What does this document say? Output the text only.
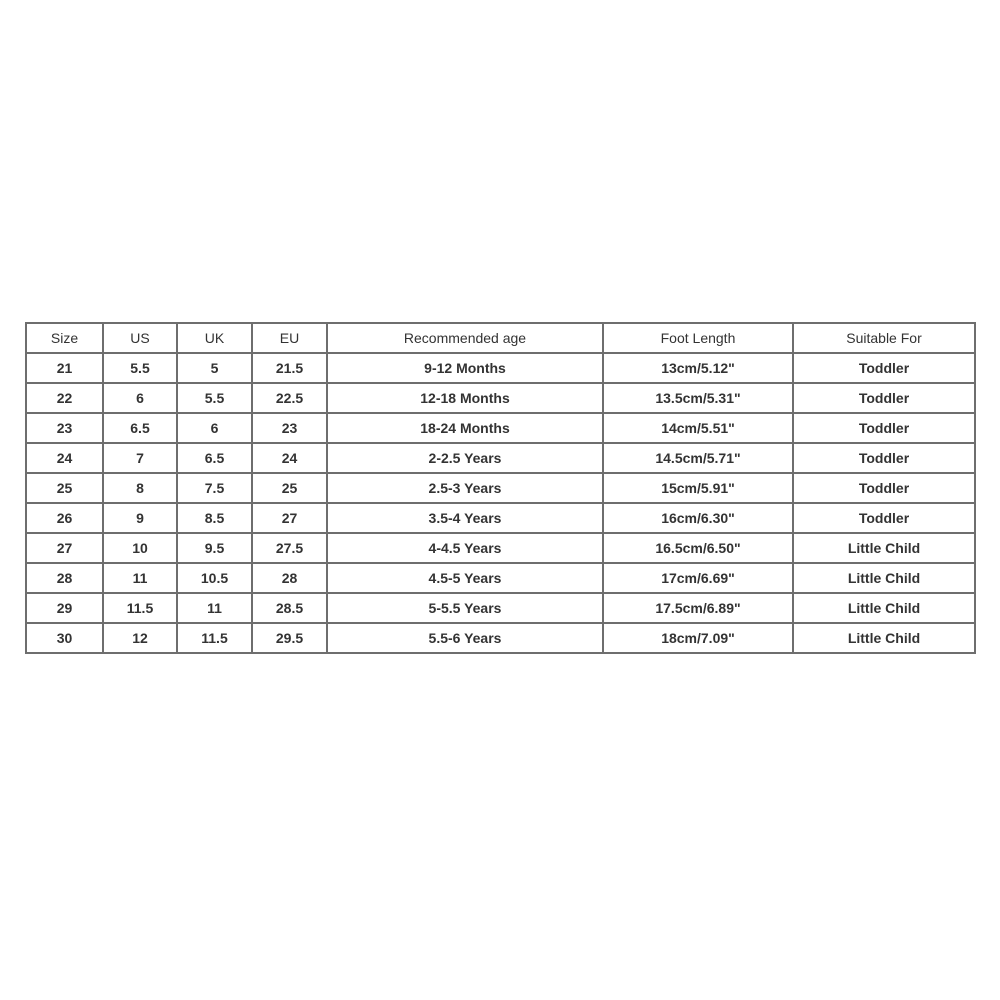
Size	US	UK	EU	Recommended age	Foot Length	Suitable For
21	5.5	5	21.5	9-12 Months	13cm/5.12"	Toddler
22	6	5.5	22.5	12-18 Months	13.5cm/5.31"	Toddler
23	6.5	6	23	18-24 Months	14cm/5.51"	Toddler
24	7	6.5	24	2-2.5 Years	14.5cm/5.71"	Toddler
25	8	7.5	25	2.5-3 Years	15cm/5.91"	Toddler
26	9	8.5	27	3.5-4 Years	16cm/6.30"	Toddler
27	10	9.5	27.5	4-4.5 Years	16.5cm/6.50"	Little Child
28	11	10.5	28	4.5-5 Years	17cm/6.69"	Little Child
29	11.5	11	28.5	5-5.5 Years	17.5cm/6.89"	Little Child
30	12	11.5	29.5	5.5-6 Years	18cm/7.09"	Little Child
